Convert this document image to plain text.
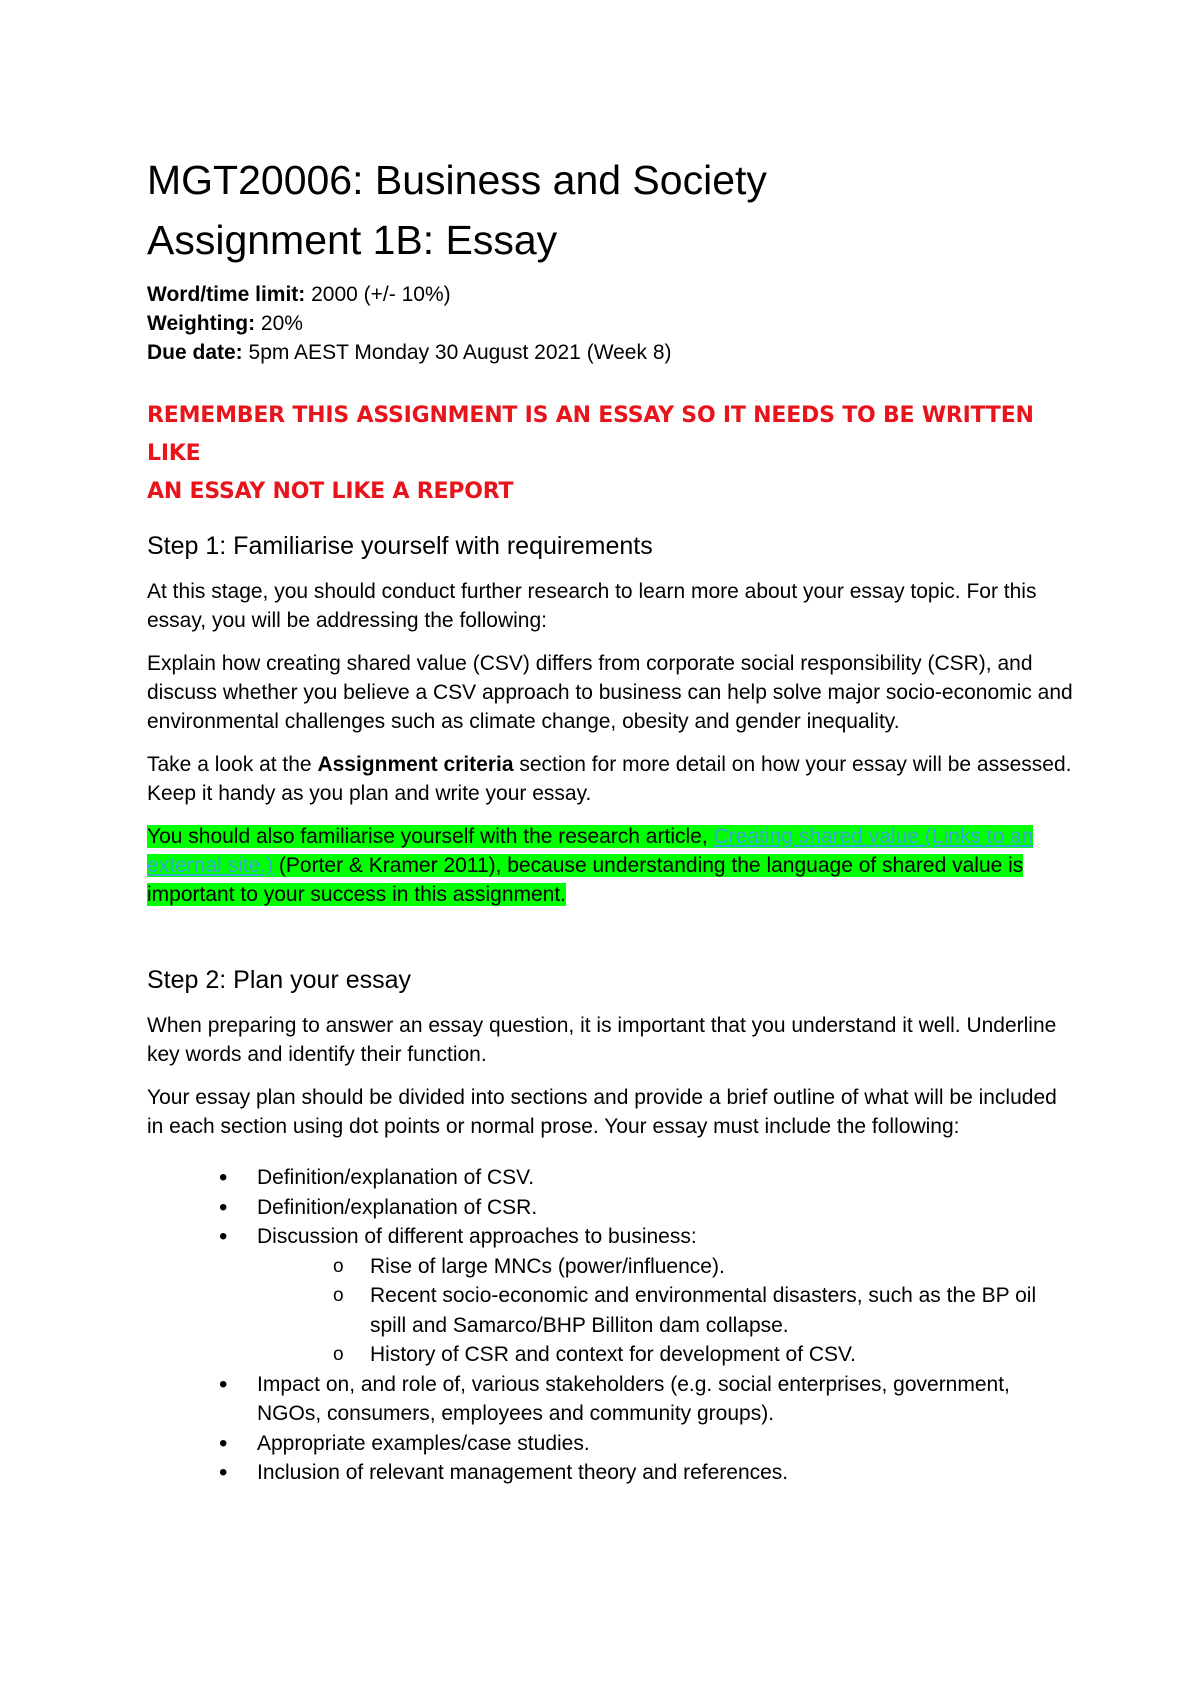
MGT20006: Business and Society
Assignment 1B: Essay
Word/time limit: 2000 (+/- 10%)
Weighting: 20%
Due date: 5pm AEST Monday 30 August 2021 (Week 8)
REMEMBER THIS ASSIGNMENT IS AN ESSAY SO IT NEEDS TO BE WRITTEN LIKE
AN ESSAY NOT LIKE A REPORT
Step 1: Familiarise yourself with requirements

At this stage, you should conduct further research to learn more about your essay topic. For this essay, you will be addressing the following:

Explain how creating shared value (CSV) differs from corporate social responsibility (CSR), and discuss whether you believe a CSV approach to business can help solve major socio-economic and environmental challenges such as climate change, obesity and gender inequality.

Take a look at the Assignment criteria section for more detail on how your essay will be assessed. Keep it handy as you plan and write your essay.

You should also familiarise yourself with the research article, Creating shared value (Links to an external site.) (Porter & Kramer 2011), because understanding the language of shared value is important to your success in this assignment.

Step 2: Plan your essay

When preparing to answer an essay question, it is important that you understand it well. Underline key words and identify their function.

Your essay plan should be divided into sections and provide a brief outline of what will be included in each section using dot points or normal prose. Your essay must include the following:

• Definition/explanation of CSV.
• Definition/explanation of CSR.
• Discussion of different approaches to business:
o Rise of large MNCs (power/influence).
o Recent socio-economic and environmental disasters, such as the BP oil spill and Samarco/BHP Billiton dam collapse.
o History of CSR and context for development of CSV.
• Impact on, and role of, various stakeholders (e.g. social enterprises, government, NGOs, consumers, employees and community groups).
• Appropriate examples/case studies.
• Inclusion of relevant management theory and references.
